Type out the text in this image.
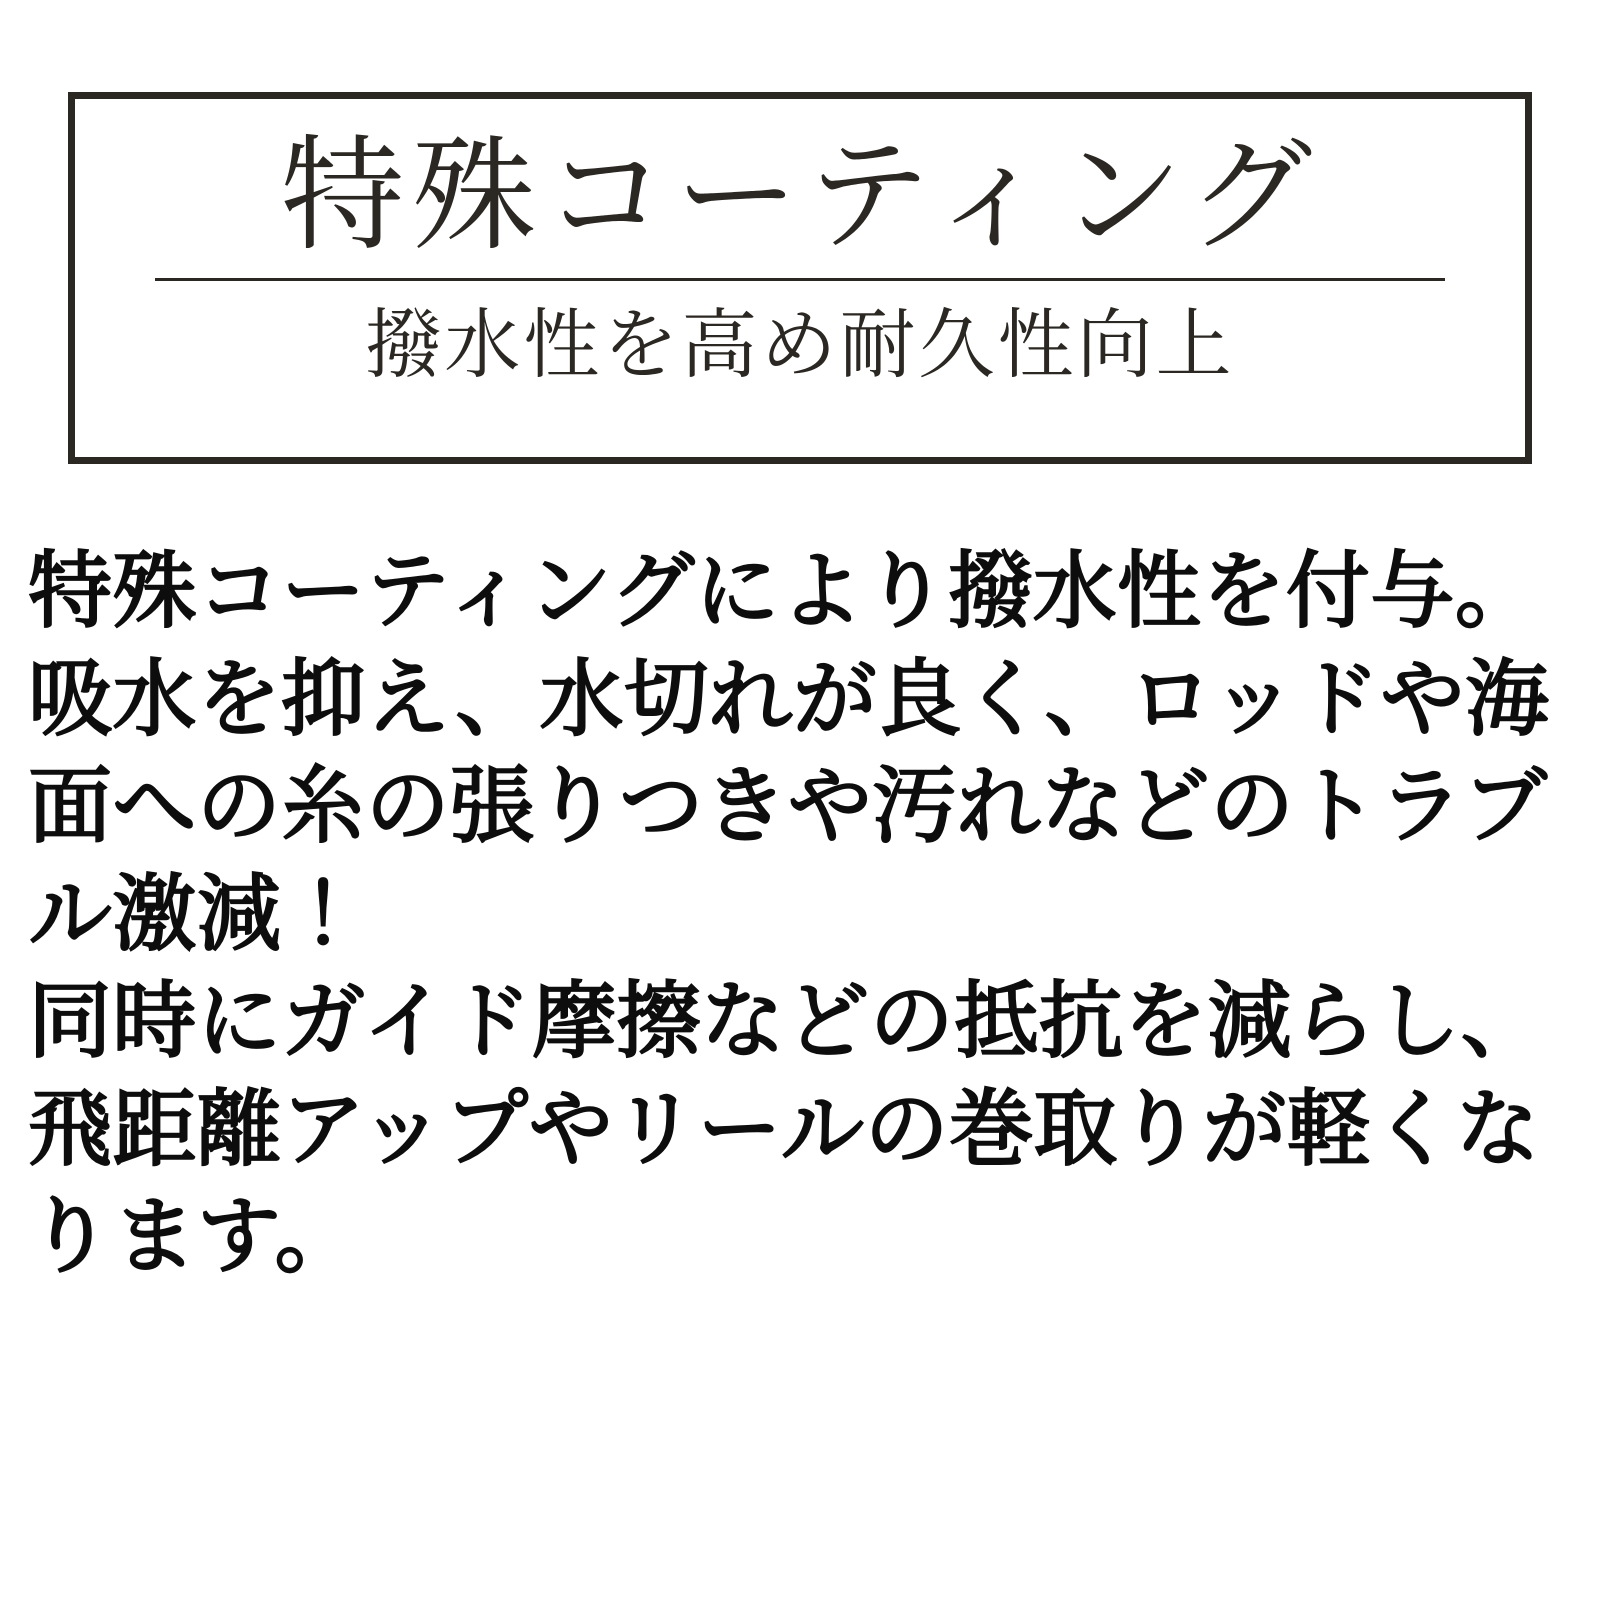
特殊コーティング
撥水性を高め耐久性向上

特殊コーティングにより撥水性を付与。吸水を抑え、水切れが良く、ロッドや海面への糸の張りつきや汚れなどのトラブル激減！

同時にガイド摩擦などの抵抗を減らし、飛距離アップやリールの巻取りが軽くなります。
